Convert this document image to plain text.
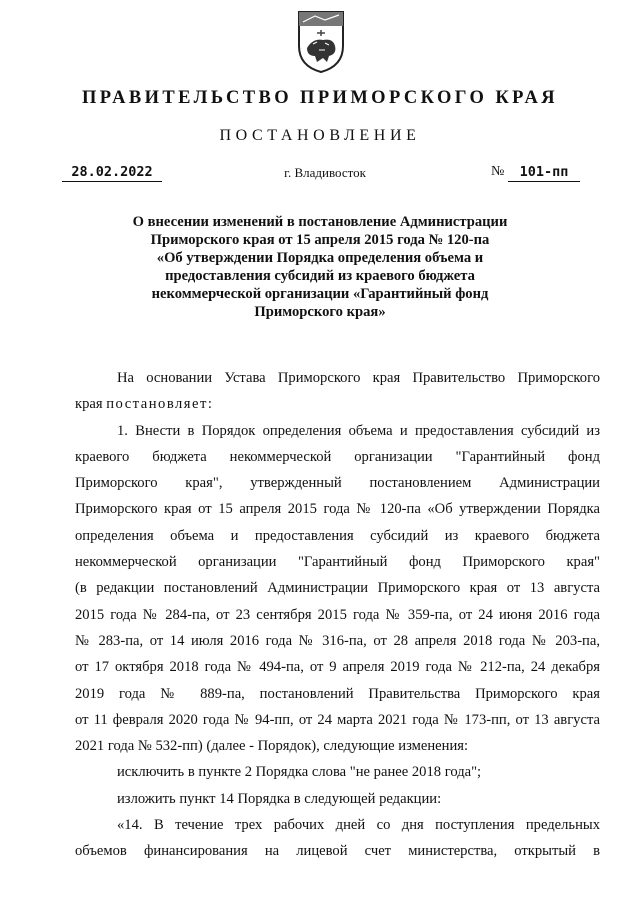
ПРАВИТЕЛЬСТВО ПРИМОРСКОГО КРАЯ
ПОСТАНОВЛЕНИЕ
28.02.2022	г. Владивосток	№	101-пп
О внесении изменений в постановление Администрации
Приморского края от 15 апреля 2015 года № 120-па
«Об утверждении Порядка определения объема и
предоставления субсидий из краевого бюджета
некоммерческой организации «Гарантийный фонд
Приморского края»
На основании Устава Приморского края Правительство Приморского
края постановляет:
1. Внести в Порядок определения объема и предоставления субсидий из
краевого бюджета некоммерческой организации "Гарантийный фонд
Приморского края", утвержденный постановлением Администрации
Приморского края от 15 апреля 2015 года № 120-па «Об утверждении Порядка
определения объема и предоставления субсидий из краевого бюджета
некоммерческой организации "Гарантийный фонд Приморского края"
(в редакции постановлений Администрации Приморского края от 13 августа
2015 года № 284-па, от 23 сентября 2015 года № 359-па, от 24 июня 2016 года
№ 283-па, от 14 июля 2016 года № 316-па, от 28 апреля 2018 года № 203-па,
от 17 октября 2018 года № 494-па, от 9 апреля 2019 года № 212-па, 24 декабря
2019 года № 889-па, постановлений Правительства Приморского края
от 11 февраля 2020 года № 94-пп, от 24 марта 2021 года № 173-пп, от 13 августа
2021 года № 532-пп) (далее - Порядок), следующие изменения:
исключить в пункте 2 Порядка слова "не ранее 2018 года";
изложить пункт 14 Порядка в следующей редакции:
«14. В течение трех рабочих дней со дня поступления предельных
объемов финансирования на лицевой счет министерства, открытый в
